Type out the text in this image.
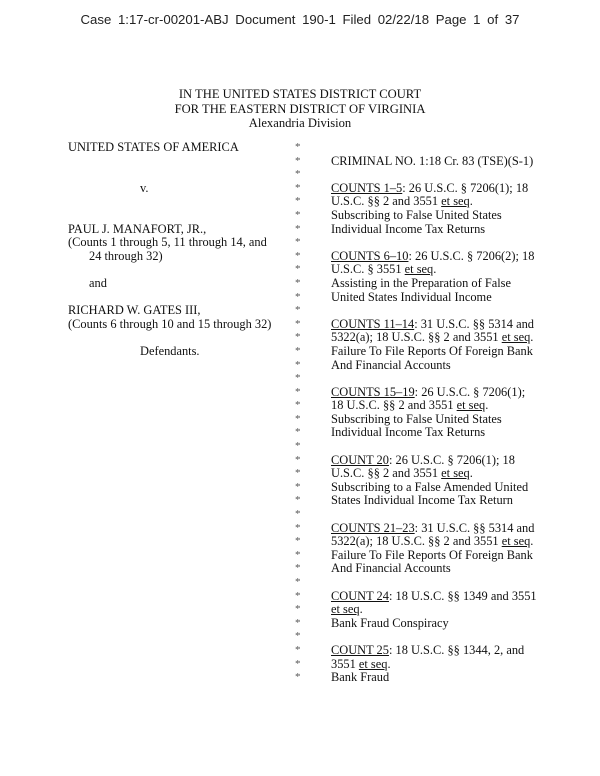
Case 1:17-cr-00201-ABJ Document 190-1 Filed 02/22/18 Page 1 of 37
IN THE UNITED STATES DISTRICT COURT
FOR THE EASTERN DISTRICT OF VIRGINIA
Alexandria Division
UNITED STATES OF AMERICA	*
* CRIMINAL NO. 1:18 Cr. 83 (TSE)(S-1)
*
v.	* COUNTS 1–5: 26 U.S.C. § 7206(1); 18
* U.S.C. §§ 2 and 3551 et seq.
* Subscribing to False United States
PAUL J. MANAFORT, JR.,	* Individual Income Tax Returns
(Counts 1 through 5, 11 through 14, and	*
24 through 32)	* COUNTS 6–10: 26 U.S.C. § 7206(2); 18
* U.S.C. § 3551 et seq.
and	* Assisting in the Preparation of False
* United States Individual Income
RICHARD W. GATES III,	*
(Counts 6 through 10 and 15 through 32) * COUNTS 11–14: 31 U.S.C. §§ 5314 and
* 5322(a); 18 U.S.C. §§ 2 and 3551 et seq.
Defendants.	* Failure To File Reports Of Foreign Bank
* And Financial Accounts
*
* COUNTS 15–19: 26 U.S.C. § 7206(1);
* 18 U.S.C. §§ 2 and 3551 et seq.
* Subscribing to False United States
* Individual Income Tax Returns
*
* COUNT 20: 26 U.S.C. § 7206(1); 18
* U.S.C. §§ 2 and 3551 et seq.
* Subscribing to a False Amended United
* States Individual Income Tax Return
*
* COUNTS 21–23: 31 U.S.C. §§ 5314 and
* 5322(a); 18 U.S.C. §§ 2 and 3551 et seq.
* Failure To File Reports Of Foreign Bank
* And Financial Accounts
*
* COUNT 24: 18 U.S.C. §§ 1349 and 3551
* et seq.
* Bank Fraud Conspiracy
*
* COUNT 25: 18 U.S.C. §§ 1344, 2, and
* 3551 et seq.
* Bank Fraud
